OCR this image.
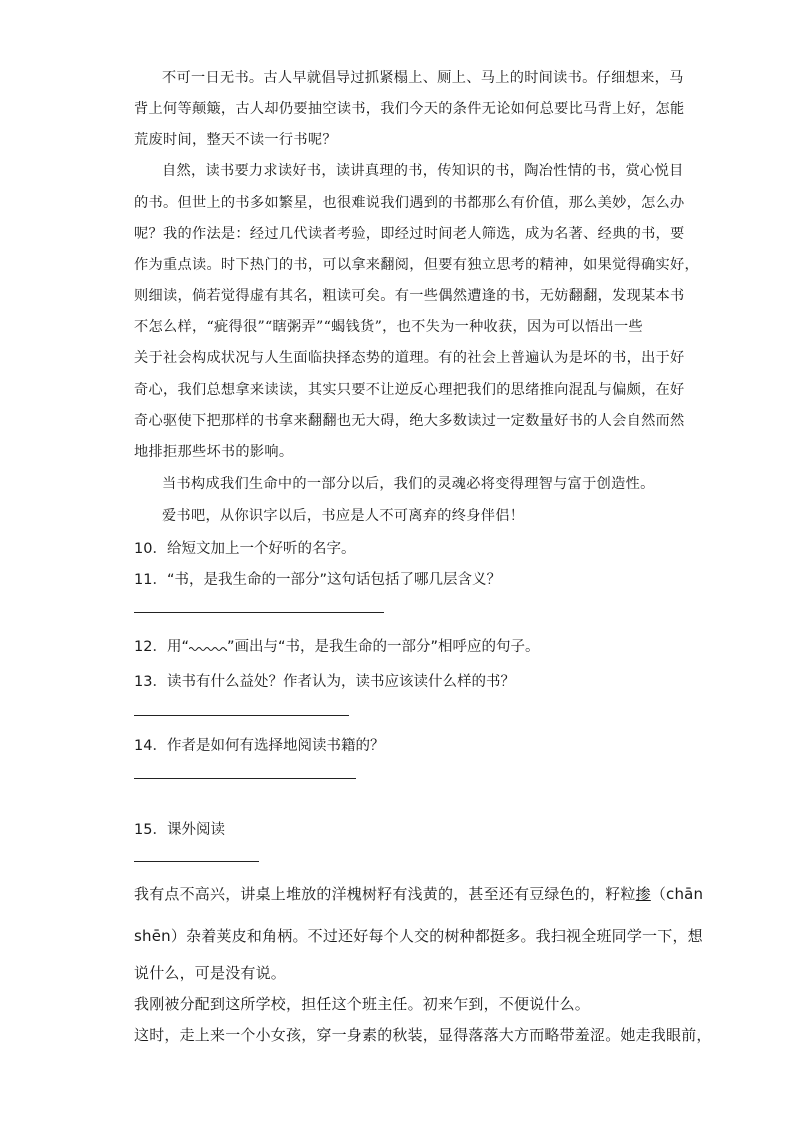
不可一日无书。古人早就倡导过抓紧榻上、厕上、马上的时间读书。仔细想来，马
背上何等颠簸，古人却仍要抽空读书，我们今天的条件无论如何总要比马背上好，怎能
荒废时间，整天不读一行书呢？
自然，读书要力求读好书，读讲真理的书，传知识的书，陶冶性情的书，赏心悦目
的书。但世上的书多如繁星，也很难说我们遇到的书都那么有价值，那么美妙，怎么办
呢？我的作法是：经过几代读者考验，即经过时间老人筛选，成为名著、经典的书，要
作为重点读。时下热门的书，可以拿来翻阅，但要有独立思考的精神，如果觉得确实好，
则细读，倘若觉得虚有其名，粗读可矣。有一些偶然遭逢的书，无妨翻翻，发现某本书
不怎么样，“疵得很”“瞎粥弄”“蝎钱货”，也不失为一种收获，因为可以悟出一些
关于社会构成状况与人生面临抉择态势的道理。有的社会上普遍认为是坏的书，出于好
奇心，我们总想拿来读读，其实只要不让逆反心理把我们的思绪推向混乱与偏颇，在好
奇心驱使下把那样的书拿来翻翻也无大碍，绝大多数读过一定数量好书的人会自然而然
地排拒那些坏书的影响。
当书构成我们生命中的一部分以后，我们的灵魂必将变得理智与富于创造性。
爱书吧，从你识字以后，书应是人不可离弃的终身伴侣！
10．给短文加上一个好听的名字。
11．“书，是我生命的一部分”这句话包括了哪几层含义？
12．用“	”画出与“书，是我生命的一部分”相呼应的句子。
13．读书有什么益处？作者认为，读书应该读什么样的书？
14．作者是如何有选择地阅读书籍的？
15．课外阅读
我有点不高兴，讲桌上堆放的洋槐树籽有浅黄的，甚至还有豆绿色的，籽粒掺（chān
shēn）杂着荚皮和角柄。不过还好每个人交的树种都挺多。我扫视全班同学一下，想
说什么，可是没有说。
我刚被分配到这所学校，担任这个班主任。初来乍到，不便说什么。
这时，走上来一个小女孩，穿一身素的秋装，显得落落大方而略带羞涩。她走我眼前，
